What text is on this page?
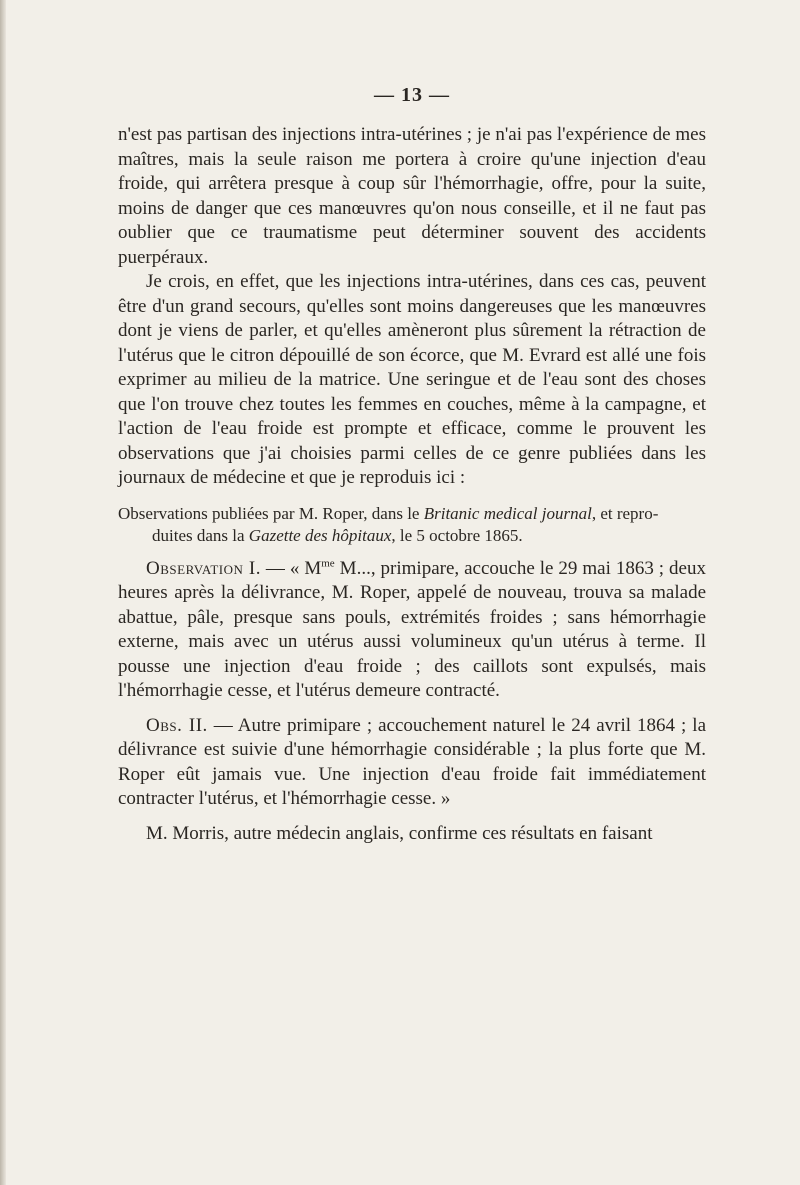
— 13 —

n'est pas partisan des injections intra-utérines ; je n'ai pas l'expérience de mes maîtres, mais la seule raison me portera à croire qu'une injection d'eau froide, qui arrêtera presque à coup sûr l'hémorrhagie, offre, pour la suite, moins de danger que ces manœuvres qu'on nous conseille, et il ne faut pas oublier que ce traumatisme peut déterminer souvent des accidents puerpéraux.

Je crois, en effet, que les injections intra-utérines, dans ces cas, peuvent être d'un grand secours, qu'elles sont moins dangereuses que les manœuvres dont je viens de parler, et qu'elles amèneront plus sûrement la rétraction de l'utérus que le citron dépouillé de son écorce, que M. Evrard est allé une fois exprimer au milieu de la matrice. Une seringue et de l'eau sont des choses que l'on trouve chez toutes les femmes en couches, même à la campagne, et l'action de l'eau froide est prompte et efficace, comme le prouvent les observations que j'ai choisies parmi celles de ce genre publiées dans les journaux de médecine et que je reproduis ici :

Observations publiées par M. Roper, dans le Britanic medical journal, et repro-
duites dans la Gazette des hôpitaux, le 5 octobre 1865.

Observation I. — « $M^{me}$ M..., primipare, accouche le 29 mai 1863 ; deux heures après la délivrance, M. Roper, appelé de nouveau, trouva sa malade abattue, pâle, presque sans pouls, extrémités froides ; sans hémorrhagie externe, mais avec un utérus aussi volumineux qu'un utérus à terme. Il pousse une injection d'eau froide ; des caillots sont expulsés, mais l'hémorrhagie cesse, et l'utérus demeure contracté.

Obs. II. — Autre primipare ; accouchement naturel le 24 avril 1864 ; la délivrance est suivie d'une hémorrhagie considérable ; la plus forte que M. Roper eût jamais vue. Une injection d'eau froide fait immédiatement contracter l'utérus, et l'hémorrhagie cesse. »

M. Morris, autre médecin anglais, confirme ces résultats en faisant
